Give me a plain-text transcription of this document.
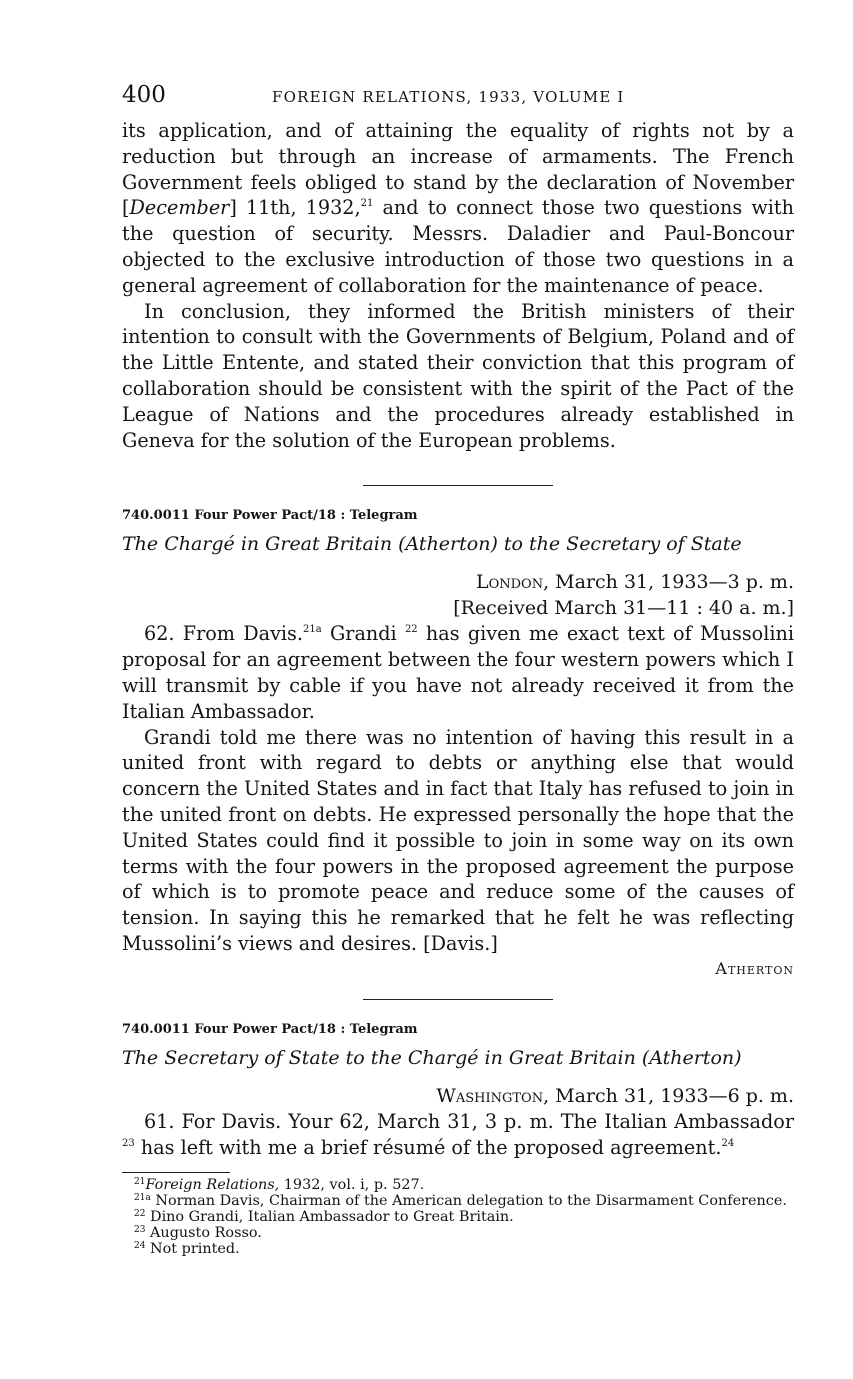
400	FOREIGN RELATIONS, 1933, VOLUME I

its application, and of attaining the equality of rights not by a reduction but through an increase of armaments. The French Government feels obliged to stand by the declaration of November [December] 11th, 1932,21 and to connect those two questions with the question of security. Messrs. Daladier and Paul-Boncour objected to the exclusive introduction of those two questions in a general agreement of collaboration for the maintenance of peace.

In conclusion, they informed the British ministers of their intention to consult with the Governments of Belgium, Poland and of the Little Entente, and stated their conviction that this program of collaboration should be consistent with the spirit of the Pact of the League of Nations and the procedures already established in Geneva for the solution of the European problems.

740.0011 Four Power Pact/18 : Telegram
The Chargé in Great Britain (Atherton) to the Secretary of State
London, March 31, 1933—3 p. m.
[Received March 31—11 : 40 a. m.]

62. From Davis.$^{21a}$ Grandi $^{22}$ has given me exact text of Mussolini proposal for an agreement between the four western powers which I will transmit by cable if you have not already received it from the Italian Ambassador.

Grandi told me there was no intention of having this result in a united front with regard to debts or anything else that would concern the United States and in fact that Italy has refused to join in the united front on debts. He expressed personally the hope that the United States could find it possible to join in some way on its own terms with the four powers in the proposed agreement the purpose of which is to promote peace and reduce some of the causes of tension. In saying this he remarked that he felt he was reflecting Mussolini’s views and desires. [Davis.]

Atherton
740.0011 Four Power Pact/18 : Telegram
The Secretary of State to the Chargé in Great Britain (Atherton)
Washington, March 31, 1933—6 p. m.

61. For Davis. Your 62, March 31, 3 p. m. The Italian Ambassador $^{23}$ has left with me a brief résumé of the proposed agreement.$^{24}$

$^{21}$Foreign Relations, 1932, vol. i, p. 527.
$^{21a}$ Norman Davis, Chairman of the American delegation to the Disarmament Conference.
$^{22}$ Dino Grandi, Italian Ambassador to Great Britain.
$^{23}$ Augusto Rosso.
$^{24}$ Not printed.
